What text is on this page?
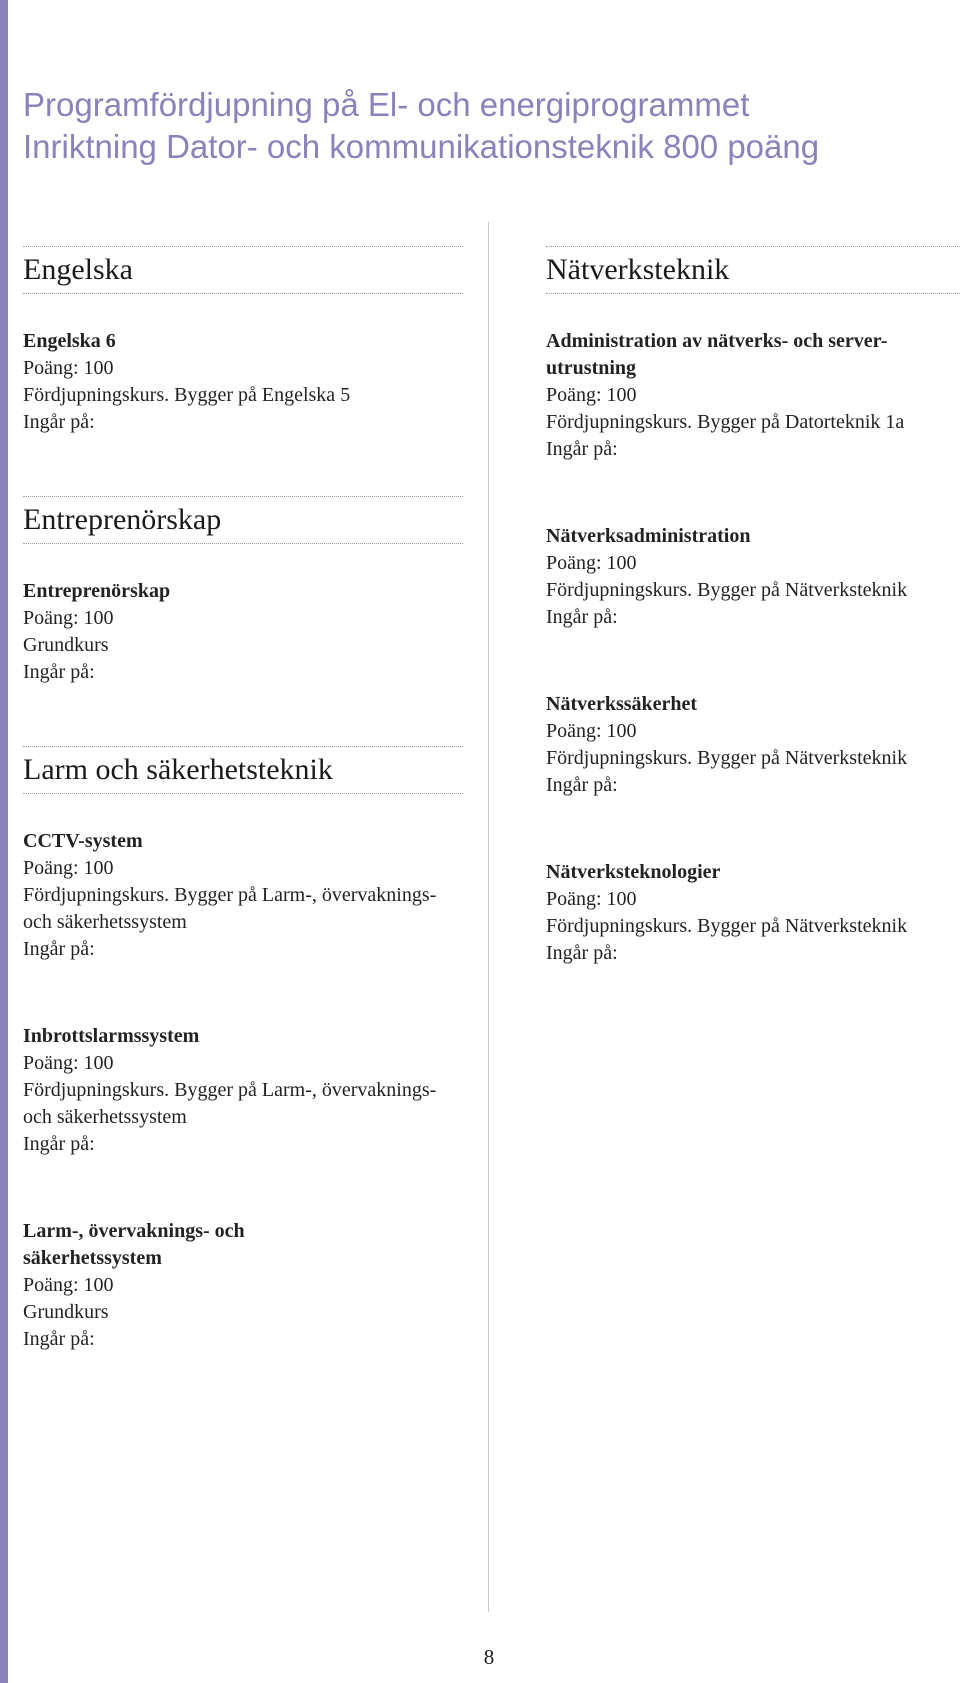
Programfördjupning på El- och energiprogrammet
Inriktning Dator- och kommunikationsteknik 800 poäng
Engelska
Engelska 6
Poäng: 100
Fördjupningskurs. Bygger på Engelska 5
Ingår på:
Entreprenörskap
Entreprenörskap
Poäng: 100
Grundkurs
Ingår på:
Larm och säkerhetsteknik
CCTV-system
Poäng: 100
Fördjupningskurs. Bygger på Larm-, övervaknings-
och säkerhetssystem
Ingår på:
Inbrottslarmssystem
Poäng: 100
Fördjupningskurs. Bygger på Larm-, övervaknings-
och säkerhetssystem
Ingår på:
Larm-, övervaknings- och
säkerhetssystem
Poäng: 100
Grundkurs
Ingår på:
Nätverksteknik
Administration av nätverks- och server-
utrustning
Poäng: 100
Fördjupningskurs. Bygger på Datorteknik 1a
Ingår på:
Nätverksadministration
Poäng: 100
Fördjupningskurs. Bygger på Nätverksteknik
Ingår på:
Nätverkssäkerhet
Poäng: 100
Fördjupningskurs. Bygger på Nätverksteknik
Ingår på:
Nätverksteknologier
Poäng: 100
Fördjupningskurs. Bygger på Nätverksteknik
Ingår på:
8
